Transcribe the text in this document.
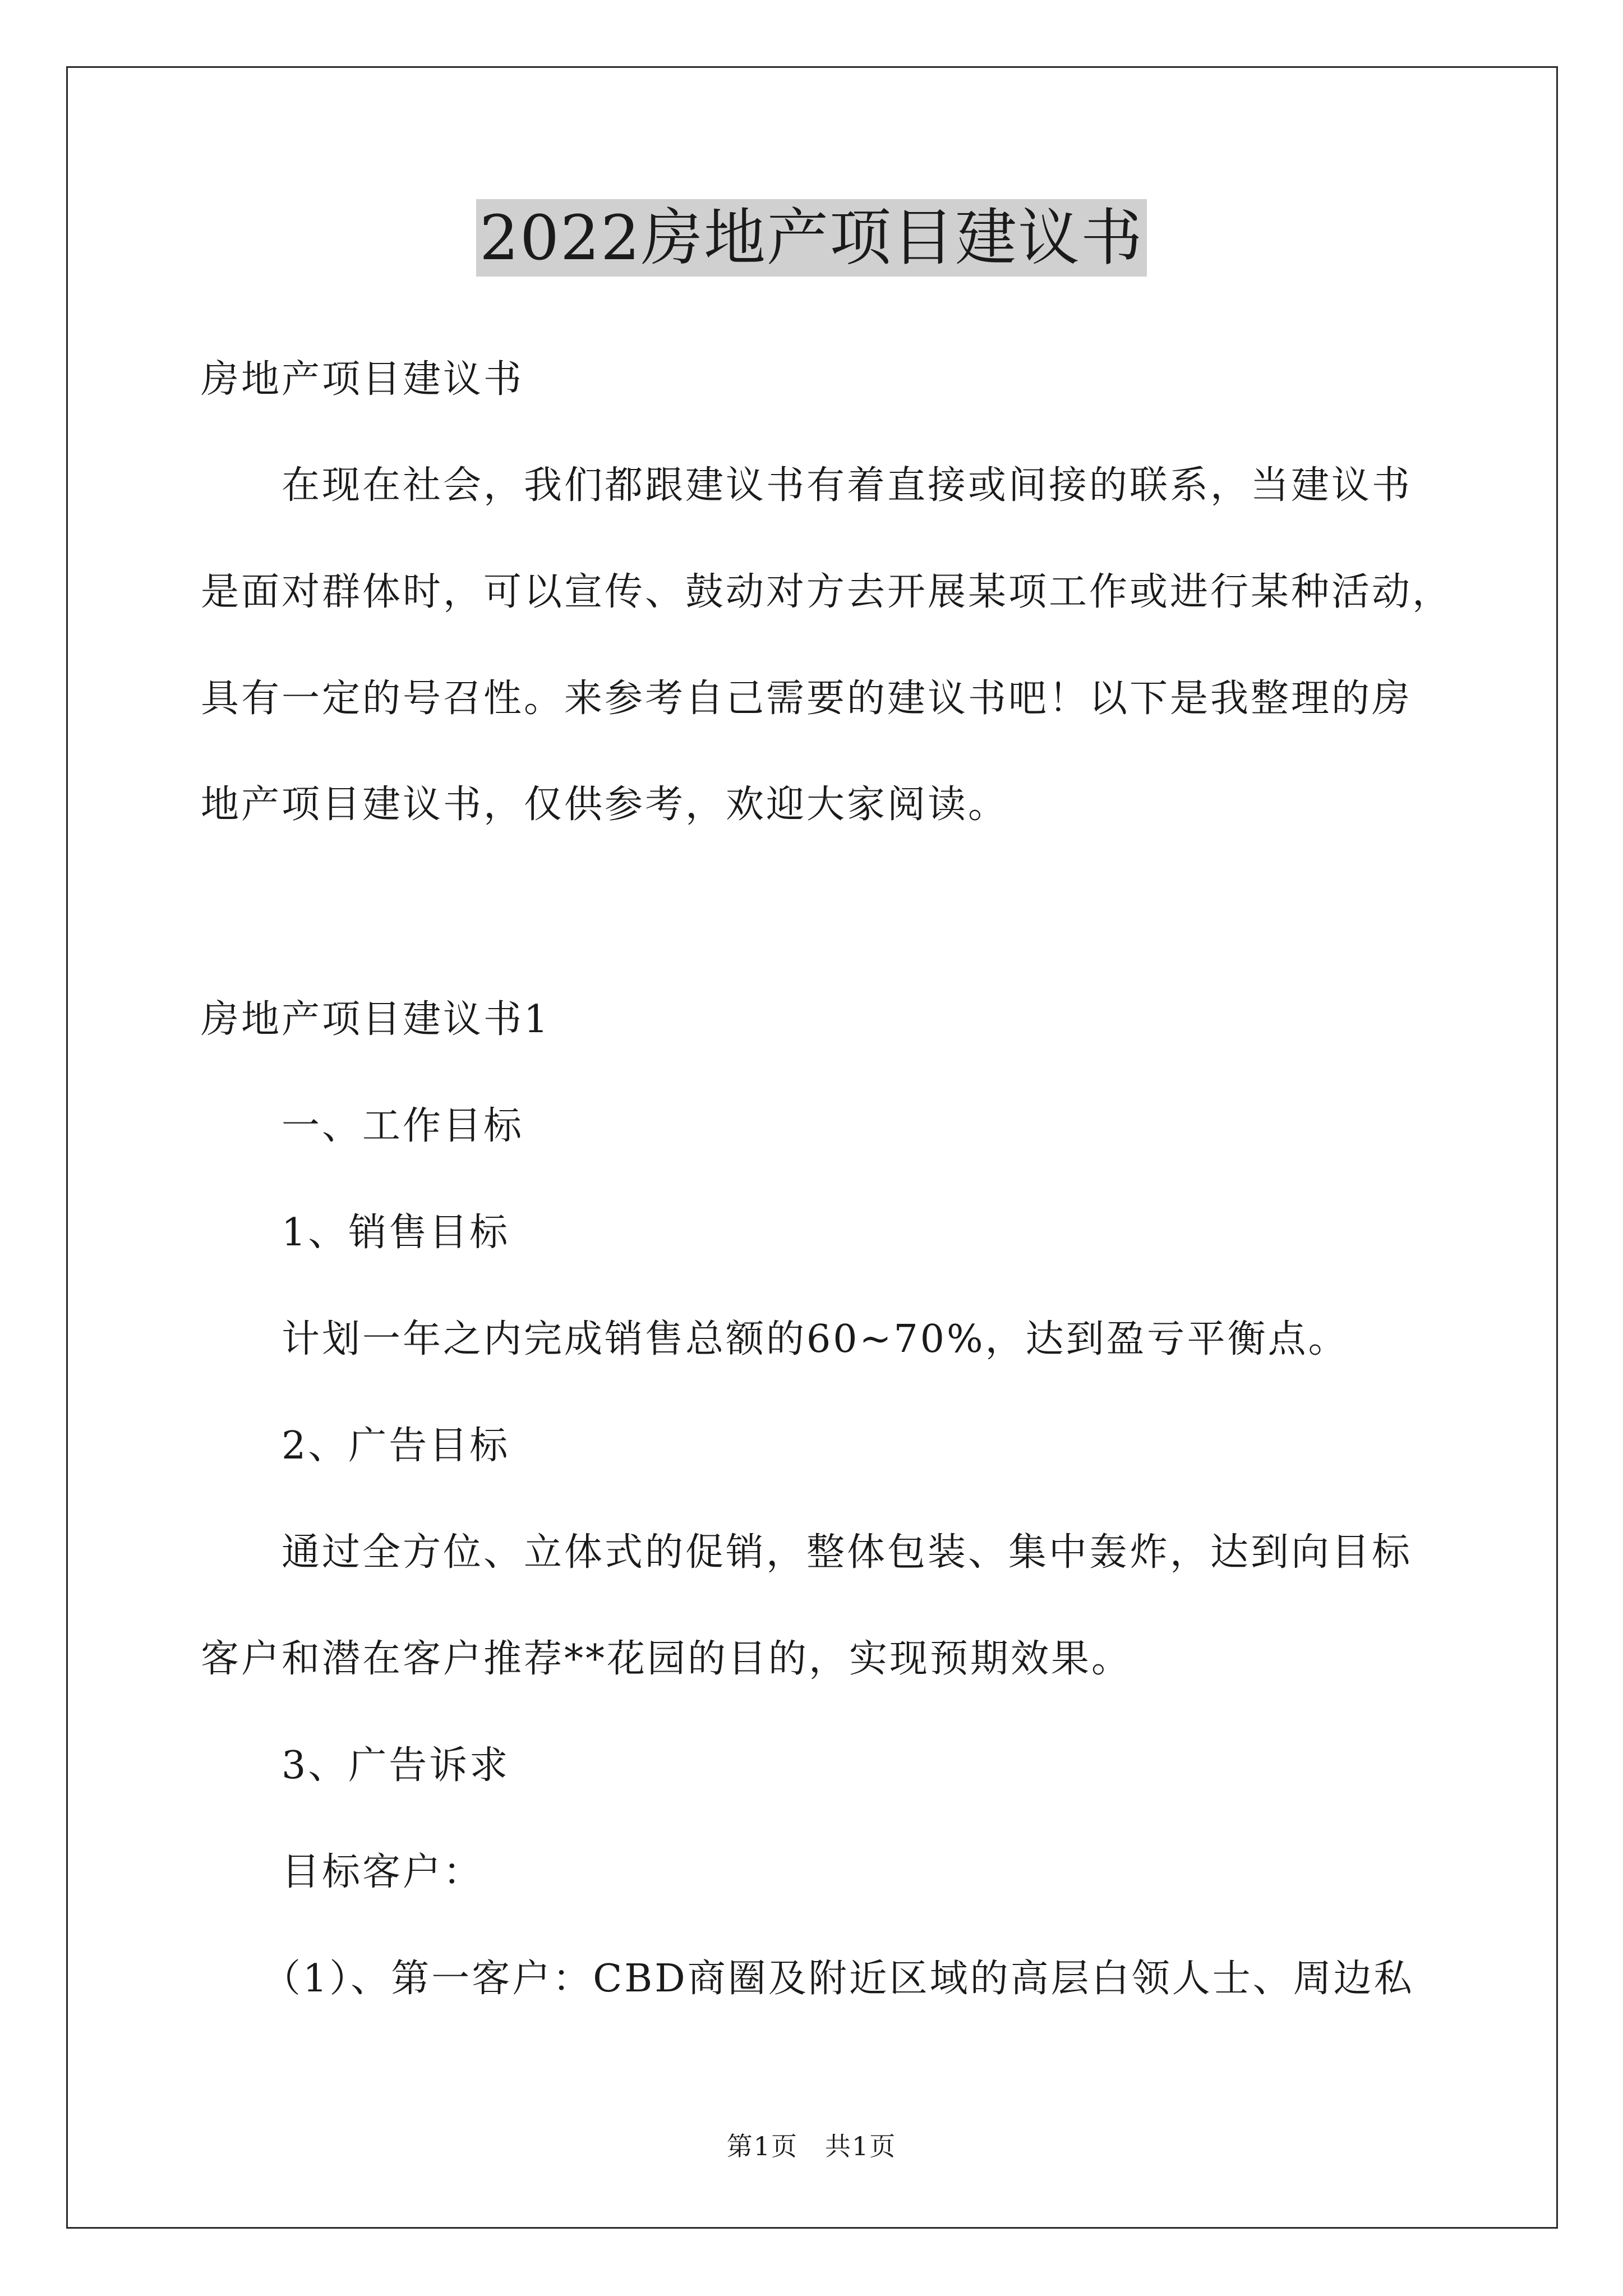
2022房地产项目建议书
房地产项目建议书
在现在社会，我们都跟建议书有着直接或间接的联系，当建议书
是面对群体时，可以宣传、鼓动对方去开展某项工作或进行某种活动，
具有一定的号召性。来参考自己需要的建议书吧！以下是我整理的房
地产项目建议书，仅供参考，欢迎大家阅读。
房地产项目建议书1
一、工作目标
1、销售目标
计划一年之内完成销售总额的60~70%，达到盈亏平衡点。
2、广告目标
通过全方位、立体式的促销，整体包装、集中轰炸，达到向目标
客户和潜在客户推荐**花园的目的，实现预期效果。
3、广告诉求
目标客户：
（1）、第一客户：CBD商圈及附近区域的高层白领人士、周边私
第1页　共1页
